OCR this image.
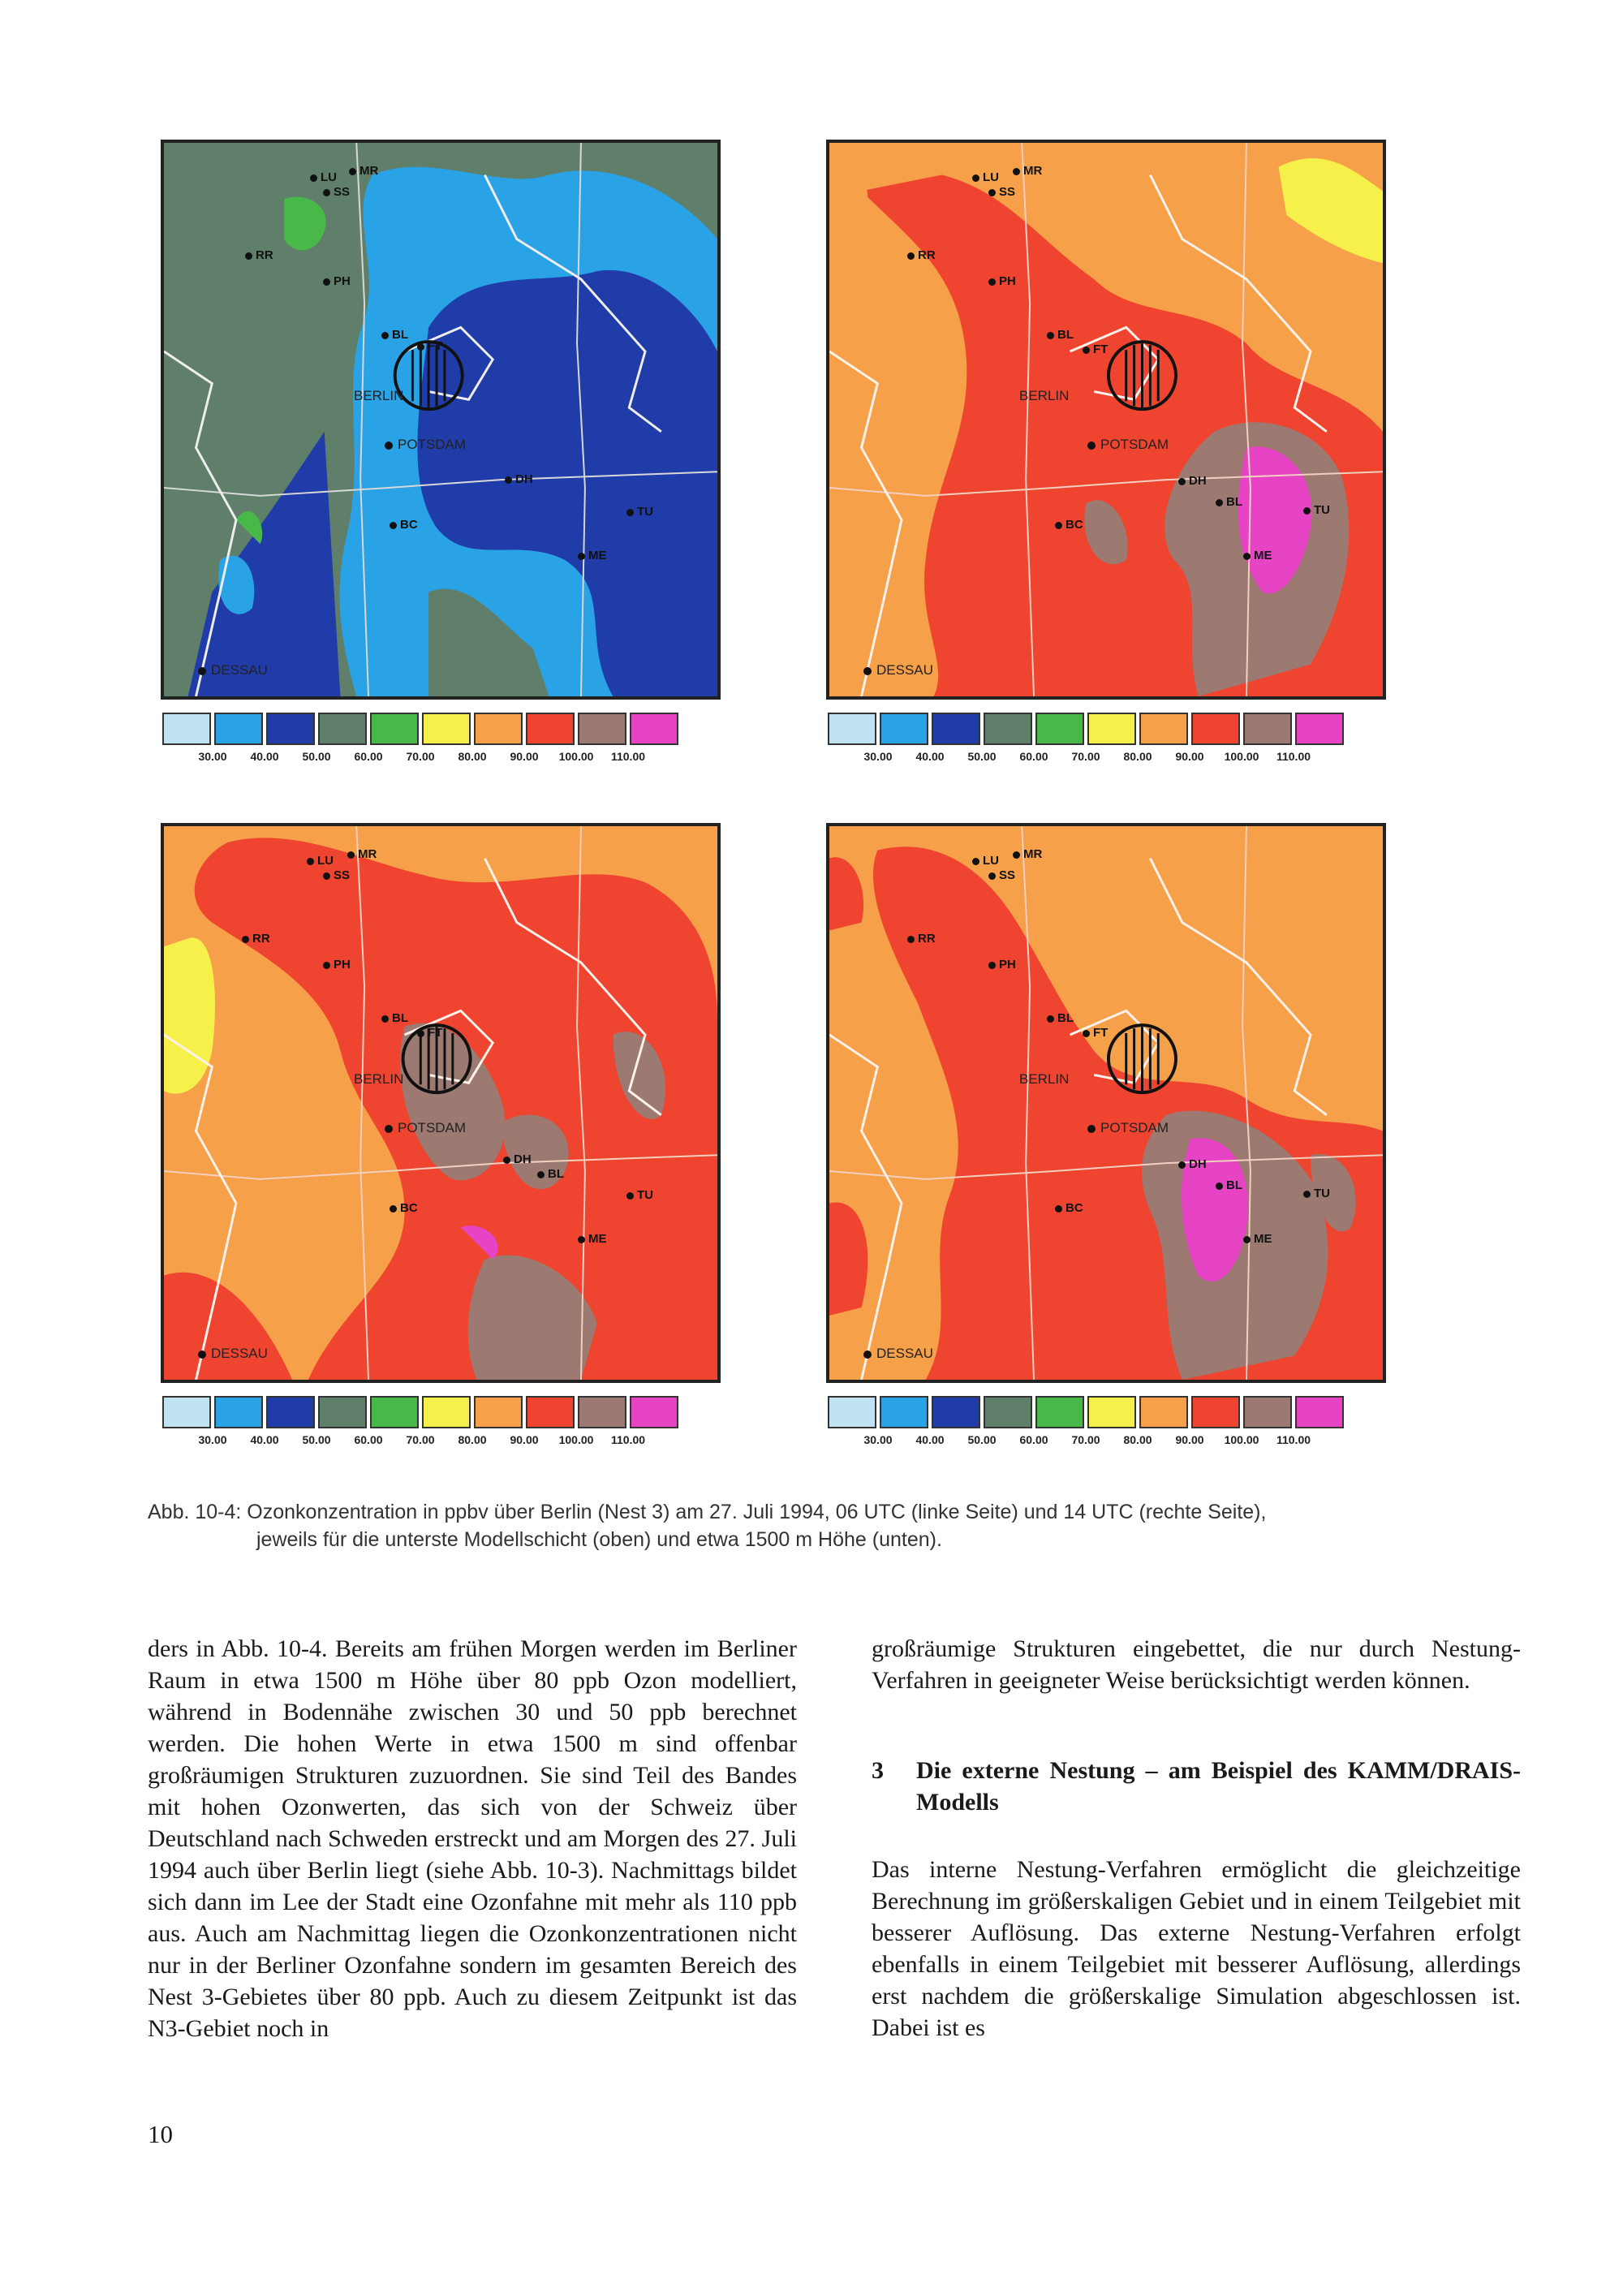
LU	MR
SS
RR
PH
BL
FT
DH
TU
BC
ME
BERLIN
POTSDAM
DESSAU
30.00 40.00 50.00 60.00 70.00 80.00 90.00 100.00 110.00
LU	MR
SS
RR
PH
BL
FT
DH
TU
BL
BC
ME
BERLIN
POTSDAM
DESSAU
30.00 40.00 50.00 60.00 70.00 80.00 90.00 100.00 110.00
LU	MR
SS
RR
PH
BL
FT
DH
TU
BL
BC
ME
BERLIN
POTSDAM
DESSAU
30.00 40.00 50.00 60.00 70.00 80.00 90.00 100.00 110.00
LU	MR
SS
RR
PH
BL
FT
DH
TU
BL
BC
ME
BERLIN
POTSDAM
DESSAU
30.00 40.00 50.00 60.00 70.00 80.00 90.00 100.00 110.00
Abb. 10-4: Ozonkonzentration in ppbv über Berlin (Nest 3) am 27. Juli 1994, 06 UTC (linke Seite) und 14 UTC (rechte Seite),
jeweils für die unterste Modellschicht (oben) und etwa 1500 m Höhe (unten).

ders in Abb. 10-4. Bereits am frühen Morgen werden im Berliner Raum in etwa 1500 m Höhe über 80 ppb Ozon modelliert, während in Bodennähe zwischen 30 und 50 ppb berechnet werden. Die hohen Werte in etwa 1500 m sind offenbar großräumigen Strukturen zuzuordnen. Sie sind Teil des Bandes mit hohen Ozonwerten, das sich von der Schweiz über Deutschland nach Schweden erstreckt und am Morgen des 27. Juli 1994 auch über Berlin liegt (siehe Abb. 10-3). Nachmittags bildet sich dann im Lee der Stadt eine Ozonfahne mit mehr als 110 ppb aus. Auch am Nachmittag liegen die Ozonkonzentrationen nicht nur in der Berliner Ozonfahne sondern im gesamten Bereich des Nest 3-Gebietes über 80 ppb. Auch zu diesem Zeitpunkt ist das N3-Gebiet noch in

großräumige Strukturen eingebettet, die nur durch Nestung-Verfahren in geeigneter Weise berücksichtigt werden können.

3 Die externe Nestung – am Beispiel des KAMM/DRAIS-Modells

Das interne Nestung-Verfahren ermöglicht die gleichzeitige Berechnung im größerskaligen Gebiet und in einem Teilgebiet mit besserer Auflösung. Das externe Nestung-Verfahren erfolgt ebenfalls in einem Teilgebiet mit besserer Auflösung, allerdings erst nachdem die größerskalige Simulation abgeschlossen ist. Dabei ist es

10
